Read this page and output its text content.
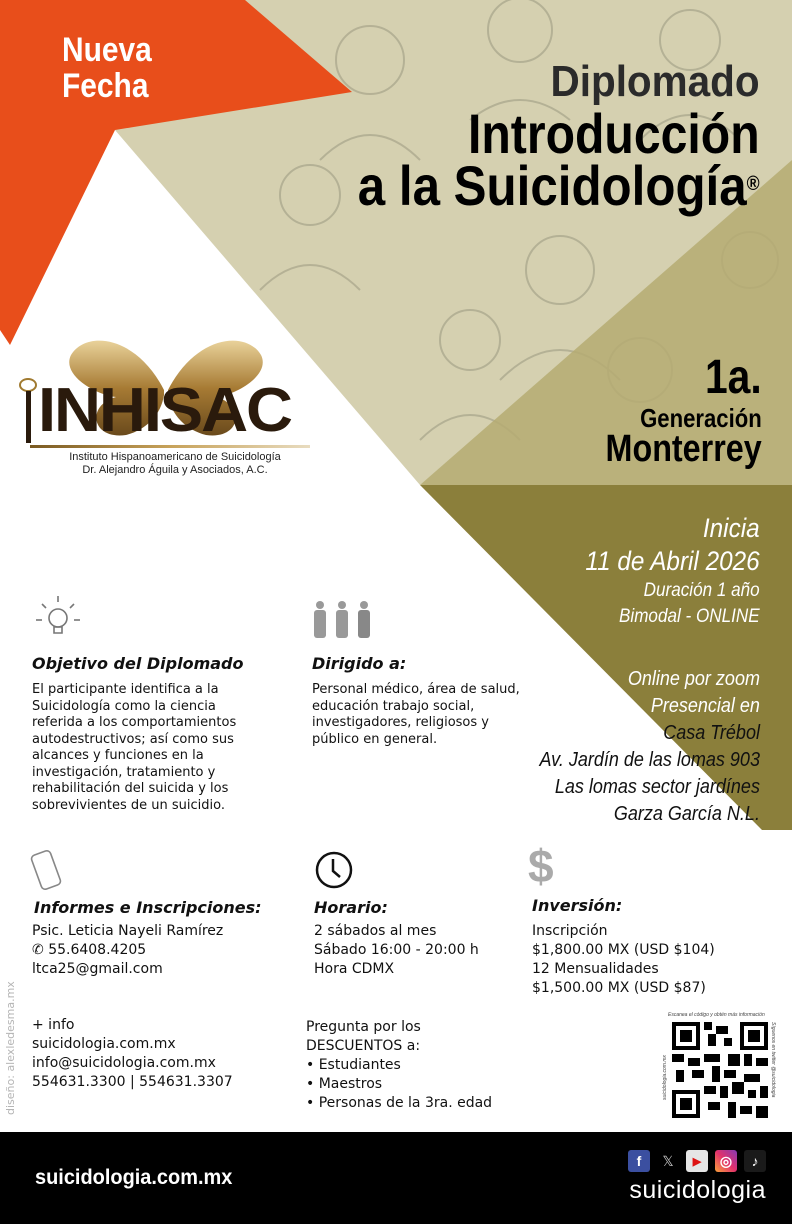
Nueva
Fecha	Diplomado
Introducción
a la Suicidología®
INHISAC
Instituto Hispanoamericano de Suicidología
Dr. Alejandro Águila y Asociados, A.C.
1a.
Generación
Monterrey
Inicia
11 de Abril 2026
Duración 1 año
Bimodal - ONLINE
Online por zoom
Presencial en
Casa Trébol
Av. Jardín de las lomas 903
Las lomas sector jardínes
Garza García N.L.
Objetivo del Diplomado
El participante identifica a la
Suicidología como la ciencia
referida a los comportamientos
autodestructivos; así como sus
alcances y funciones en la
investigación, tratamiento y
rehabilitación del suicida y los
sobrevivientes de un suicidio.
Dirigido a:
Personal médico, área de salud,
educación trabajo social,
investigadores, religiosos y
público en general.
Informes e Inscripciones:
Psic. Leticia Nayeli Ramírez
✆ 55.6408.4205
ltca25@gmail.com
Horario:
2 sábados al mes
Sábado 16:00 - 20:00 h
Hora CDMX
$
Inversión:
Inscripción
$1,800.00 MX (USD $104)
12 Mensualidades
$1,500.00 MX (USD $87)
+ info
suicidologia.com.mx
info@suicidologia.com.mx
554631.3300 | 554631.3307
Pregunta por los
DESCUENTOS a:
• Estudiantes
• Maestros
• Personas de la 3ra. edad
Escanea el código y obtén más información
suicidologia.com.mx	Síguenos en twitter @suicidologia
diseño: alexledesma.mx
suicidologia.com.mx
f	𝕏	▶	◎	♪
suicidologia
